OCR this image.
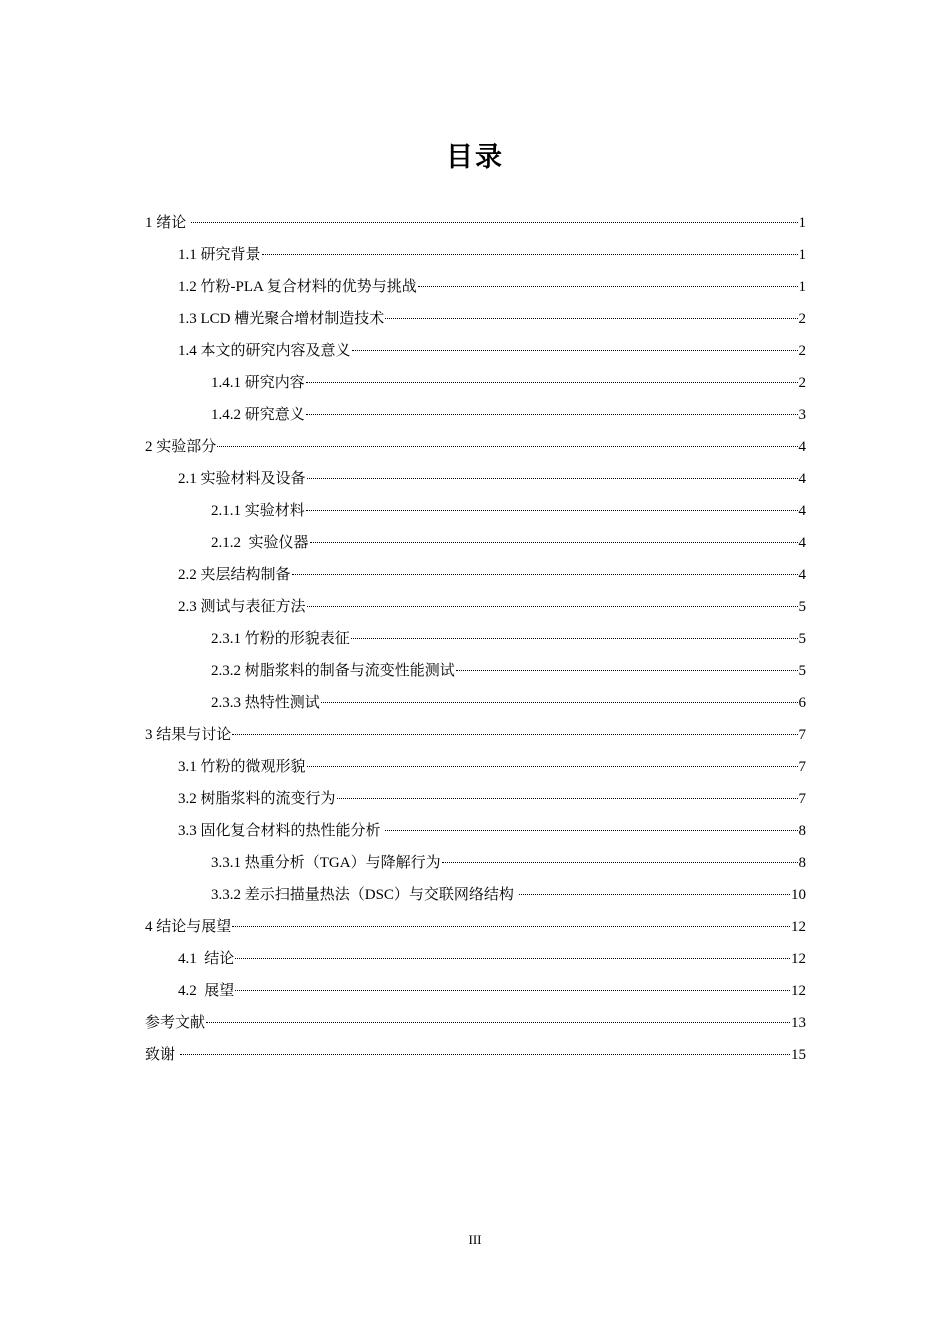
目录
1 绪论	1
1.1 研究背景	1
1.2 竹粉-PLA 复合材料的优势与挑战	1
1.3 LCD 槽光聚合增材制造技术	2
1.4 本文的研究内容及意义	2
1.4.1 研究内容	2
1.4.2 研究意义	3
2 实验部分	4
2.1 实验材料及设备	4
2.1.1 实验材料	4
2.1.2  实验仪器	4
2.2 夹层结构制备	4
2.3 测试与表征方法	5
2.3.1 竹粉的形貌表征	5
2.3.2 树脂浆料的制备与流变性能测试	5
2.3.3 热特性测试	6
3 结果与讨论	7
3.1 竹粉的微观形貌	7
3.2 树脂浆料的流变行为	7
3.3 固化复合材料的热性能分析	8
3.3.1 热重分析（TGA）与降解行为	8
3.3.2 差示扫描量热法（DSC）与交联网络结构	10
4 结论与展望	12
4.1  结论	12
4.2  展望	12
参考文献	13
致谢	15
III
